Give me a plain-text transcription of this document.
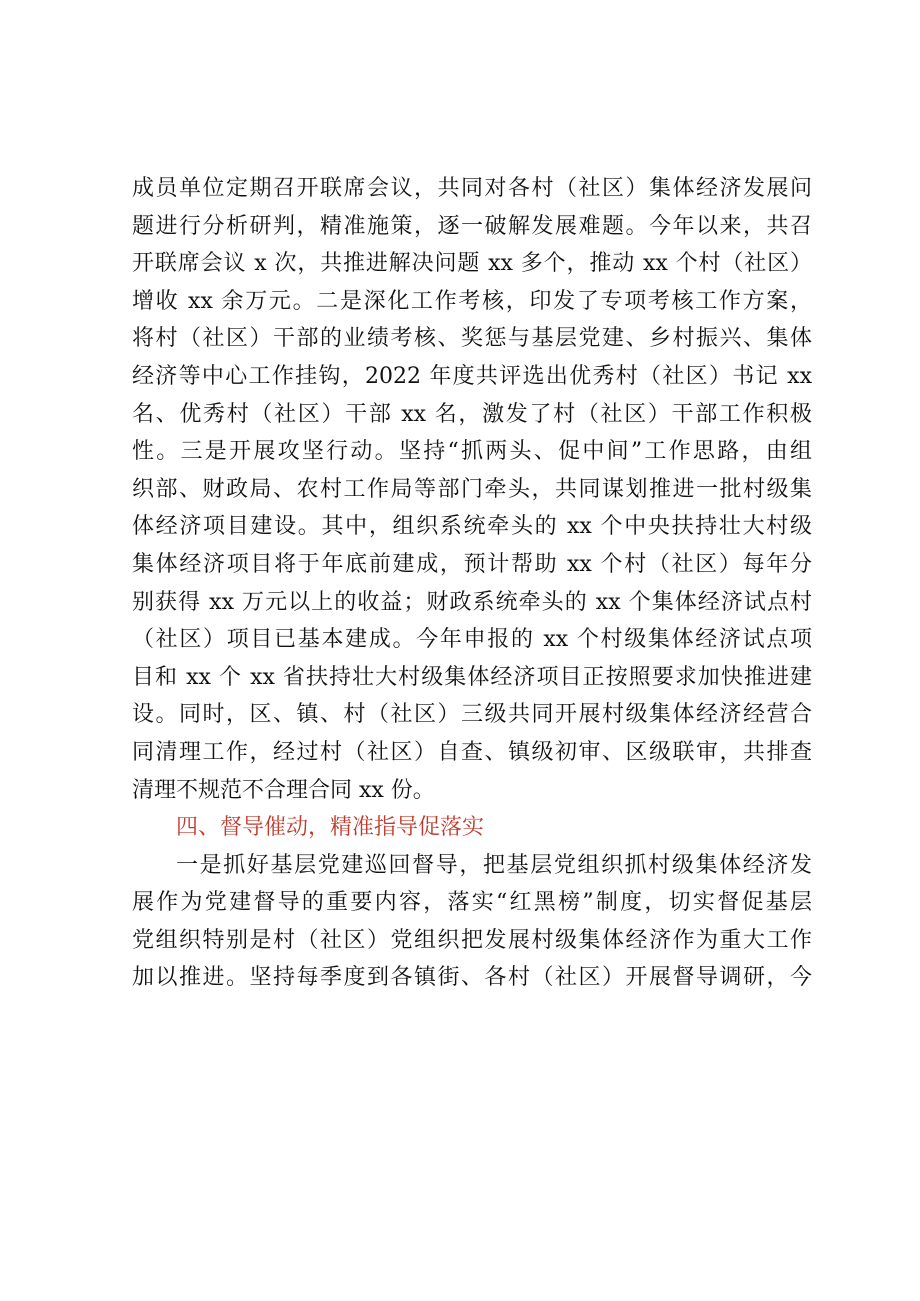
成员单位定期召开联席会议，共同对各村（社区）集体经济发展问
题进行分析研判，精准施策，逐一破解发展难题。今年以来，共召
开联席会议 x 次，共推进解决问题 xx 多个，推动 xx 个村（社区）
增收 xx 余万元。二是深化工作考核，印发了专项考核工作方案，
将村（社区）干部的业绩考核、奖惩与基层党建、乡村振兴、集体
经济等中心工作挂钩，2022 年度共评选出优秀村（社区）书记 xx
名、优秀村（社区）干部 xx 名，激发了村（社区）干部工作积极
性。三是开展攻坚行动。坚持“抓两头、促中间”工作思路，由组
织部、财政局、农村工作局等部门牵头，共同谋划推进一批村级集
体经济项目建设。其中，组织系统牵头的 xx 个中央扶持壮大村级
集体经济项目将于年底前建成，预计帮助 xx 个村（社区）每年分
别获得 xx 万元以上的收益；财政系统牵头的 xx 个集体经济试点村
（社区）项目已基本建成。今年申报的 xx 个村级集体经济试点项
目和 xx 个 xx 省扶持壮大村级集体经济项目正按照要求加快推进建
设。同时，区、镇、村（社区）三级共同开展村级集体经济经营合
同清理工作，经过村（社区）自查、镇级初审、区级联审，共排查
清理不规范不合理合同 xx 份。
四、督导催动，精准指导促落实
一是抓好基层党建巡回督导，把基层党组织抓村级集体经济发
展作为党建督导的重要内容，落实“红黑榜”制度，切实督促基层
党组织特别是村（社区）党组织把发展村级集体经济作为重大工作
加以推进。坚持每季度到各镇街、各村（社区）开展督导调研，今
